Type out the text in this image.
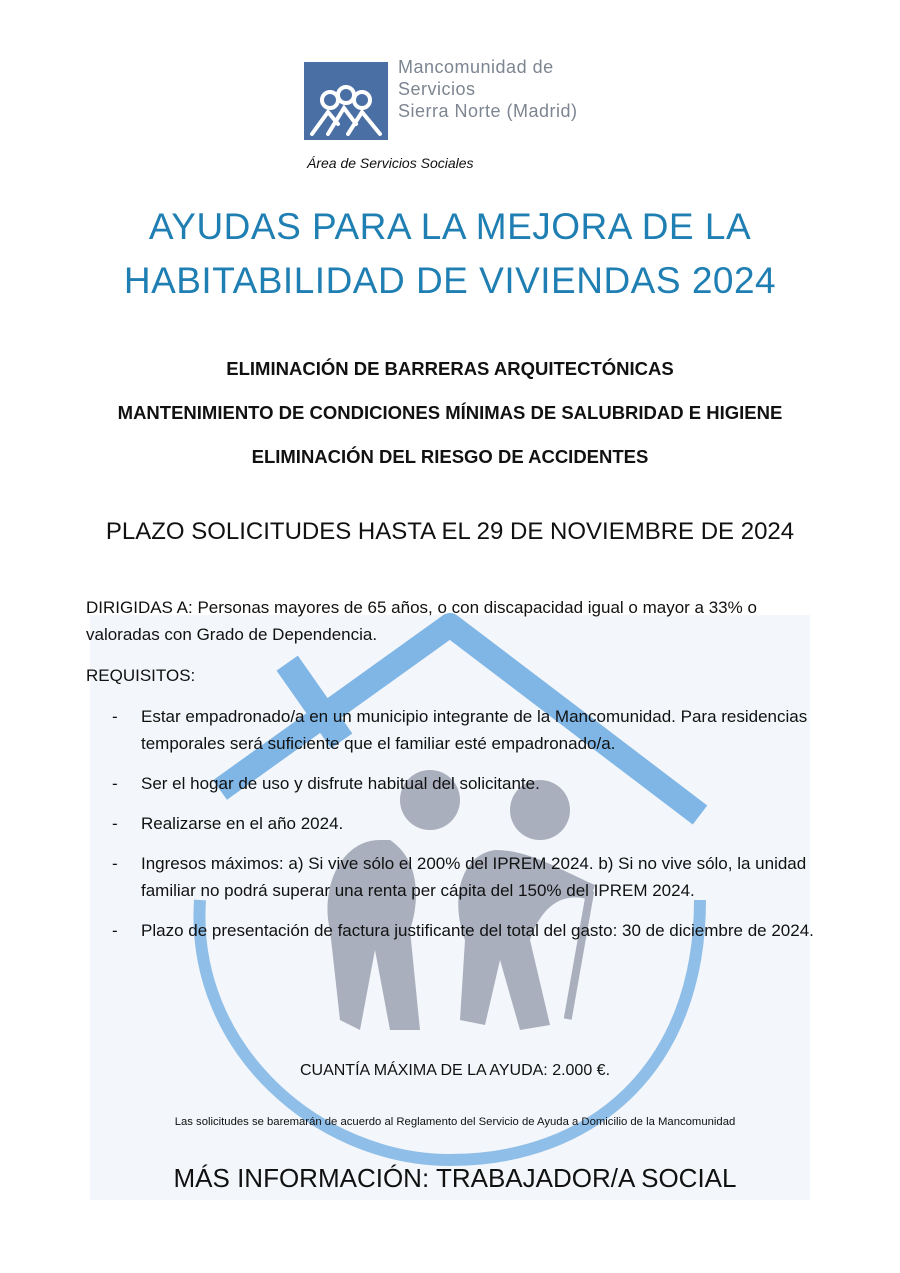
Mancomunidad de
Servicios
Sierra Norte (Madrid)
Área de Servicios Sociales
AYUDAS PARA LA MEJORA DE LA
HABITABILIDAD DE VIVIENDAS 2024
ELIMINACIÓN DE BARRERAS ARQUITECTÓNICAS
MANTENIMIENTO DE CONDICIONES MÍNIMAS DE SALUBRIDAD E HIGIENE
ELIMINACIÓN DEL RIESGO DE ACCIDENTES
PLAZO SOLICITUDES HASTA EL 29 DE NOVIEMBRE DE 2024

DIRIGIDAS A: Personas mayores de 65 años, o con discapacidad igual o mayor a 33% o valoradas con Grado de Dependencia.

REQUISITOS:

- Estar empadronado/a en un municipio integrante de la Mancomunidad. Para residencias temporales será suficiente que el familiar esté empadronado/a.
- Ser el hogar de uso y disfrute habitual del solicitante.
- Realizarse en el año 2024.
- Ingresos máximos: a) Si vive sólo el 200% del IPREM 2024. b) Si no vive sólo, la unidad familiar no podrá superar una renta per cápita del 150% del IPREM 2024.
- Plazo de presentación de factura justificante del total del gasto: 30 de diciembre de 2024.
CUANTÍA MÁXIMA DE LA AYUDA: 2.000 €.
Las solicitudes se baremarán de acuerdo al Reglamento del Servicio de Ayuda a Domicilio de la Mancomunidad
MÁS INFORMACIÓN: TRABAJADOR/A SOCIAL
